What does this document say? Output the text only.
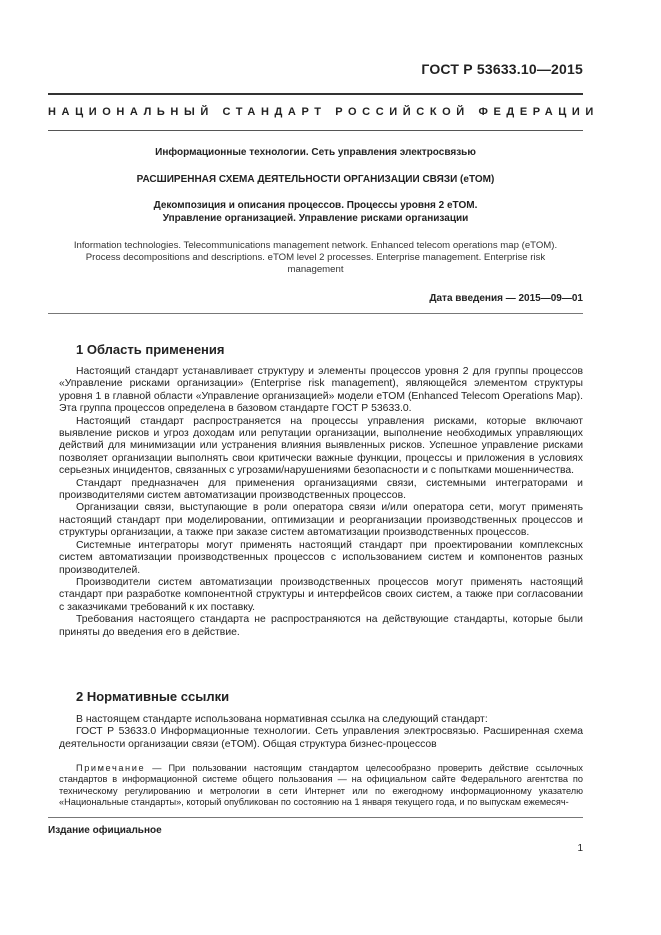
ГОСТ Р 53633.10—2015
НАЦИОНАЛЬНЫЙ СТАНДАРТ РОССИЙСКОЙ ФЕДЕРАЦИИ
Информационные технологии. Сеть управления электросвязью
РАСШИРЕННАЯ СХЕМА ДЕЯТЕЛЬНОСТИ ОРГАНИЗАЦИИ СВЯЗИ (eTOM)
Декомпозиция и описания процессов. Процессы уровня 2 eTOM.
Управление организацией. Управление рисками организации
Information technologies. Telecommunications management network. Enhanced telecom operations map (eTOM).
Process decompositions and descriptions. eTOM level 2 processes. Enterprise management. Enterprise risk
management
Дата введения — 2015—09—01
1 Область применения

Настоящий стандарт устанавливает структуру и элементы процессов уровня 2 для группы процессов «Управление рисками организации» (Enterprise risk management), являющейся элементом структуры уровня 1 в главной области «Управление организацией» модели eTOM (Enhanced Telecom Operations Map). Эта группа процессов определена в базовом стандарте ГОСТ Р 53633.0.

Настоящий стандарт распространяется на процессы управления рисками, которые включают выявление рисков и угроз доходам или репутации организации, выполнение необходимых управляющих действий для минимизации или устранения влияния выявленных рисков. Успешное управление рисками позволяет организации выполнять свои критически важные функции, процессы и приложения в условиях серьезных инцидентов, связанных с угрозами/нарушениями безопасности и с попытками мошенничества.

Стандарт предназначен для применения организациями связи, системными интеграторами и производителями систем автоматизации производственных процессов.

Организации связи, выступающие в роли оператора связи и/или оператора сети, могут применять настоящий стандарт при моделировании, оптимизации и реорганизации производственных процессов и структуры организации, а также при заказе систем автоматизации производственных процессов.

Системные интеграторы могут применять настоящий стандарт при проектировании комплексных систем автоматизации производственных процессов с использованием систем и компонентов разных производителей.

Производители систем автоматизации производственных процессов могут применять настоящий стандарт при разработке компонентной структуры и интерфейсов своих систем, а также при согласовании с заказчиками требований к их поставку.

Требования настоящего стандарта не распространяются на действующие стандарты, которые были приняты до введения его в действие.

2 Нормативные ссылки

В настоящем стандарте использована нормативная ссылка на следующий стандарт:

ГОСТ Р 53633.0 Информационные технологии. Сеть управления электросвязью. Расширенная схема деятельности организации связи (eTOM). Общая структура бизнес-процессов

Примечание — При пользовании настоящим стандартом целесообразно проверить действие ссылочных стандартов в информационной системе общего пользования — на официальном сайте Федерального агентства по техническому регулированию и метрологии в сети Интернет или по ежегодному информационному указателю «Национальные стандарты», который опубликован по состоянию на 1 января текущего года, и по выпускам ежемесяч-
Издание официальное
1
